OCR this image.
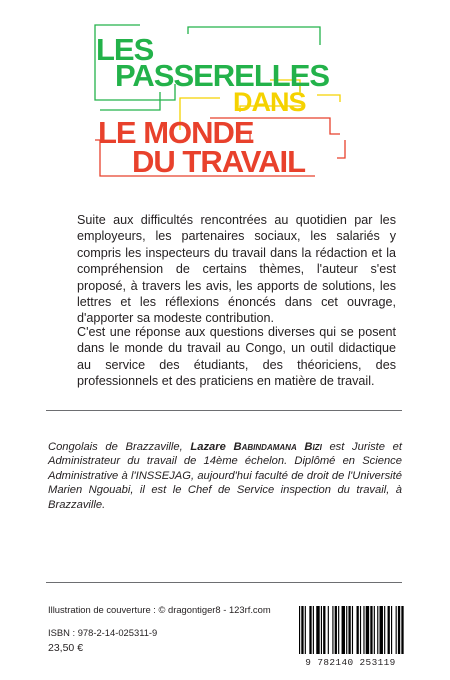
LES
PASSERELLES
DANS
LE MONDE
DU TRAVAIL

Suite aux difficultés rencontrées au quotidien par les employeurs, les partenaires sociaux, les salariés y compris les inspecteurs du travail dans la rédaction et la compréhension de certains thèmes, l'auteur s'est proposé, à travers les avis, les apports de solutions, les lettres et les réflexions énoncés dans cet ouvrage, d'apporter sa modeste contribution.

C'est une réponse aux questions diverses qui se posent dans le monde du travail au Congo, un outil didactique au service des étudiants, des théoriciens, des professionnels et des praticiens en matière de travail.

Congolais de Brazzaville, Lazare Babindamana Bizi est Juriste et Administrateur du travail de 14ème échelon. Diplômé en Science Administrative à l'INSSEJAG, aujourd'hui faculté de droit de l'Université Marien Ngouabi, il est le Chef de Service inspection du travail, à Brazzaville.

Illustration de couverture : © dragontiger8 - 123rf.com
ISBN : 978-2-14-025311-9
23,50 €
9 782140 253119
